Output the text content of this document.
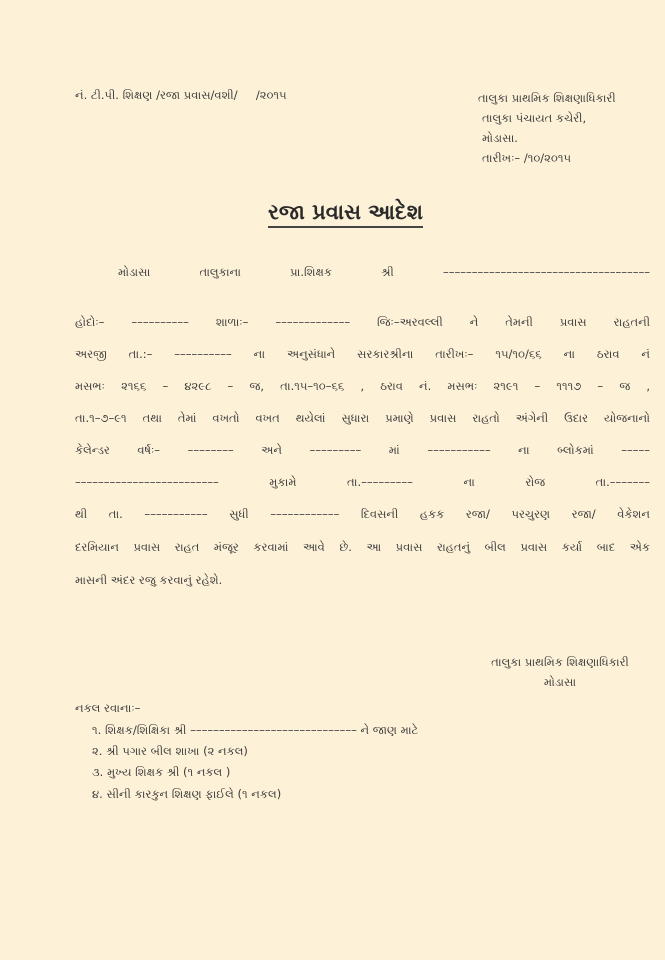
નં. ટી.પી. શિક્ષણ /રજા પ્રવાસ/વશી/     /૨૦૧૫	તાલુકા પ્રાથમિક શિક્ષણાધિકારી
તાલુકા પંચાયત કચેરી,
મોડાસા.
તારીખઃ– /૧૦/૨૦૧૫
રજા પ્રવાસ આદેશ
મોડાસા તાલુકાના પ્રા.શિક્ષક શ્રી ––––––––––––––––––––––––––––––––––––
હોદોઃ– –––––––––– શાળાઃ– ––––––––––––– જિઃ–અરવલ્લી ને તેમની પ્રવાસ રાહતની
અરજી તા.:– –––––––––– ના અનુસંધાને સરકારશ્રીના તારીખઃ– ૧૫/૧૦/૬૬ ના ઠરાવ નં
મસભઃ ૨૧૬૬ – ૪૨૯૮ – જ, તા.૧૫–૧૦–૬૬ , ઠરાવ નં. મસભઃ ૨૧૯૧ – ૧૧૧૭ – જ ,
તા.૧–૭–૯૧ તથા તેમાં વખતો વખત થયેલાં સુધારા પ્રમાણે પ્રવાસ રાહતો અંગેની ઉદાર યોજનાનો
કેલેન્ડર વર્ષઃ– –––––––– અને ––––––––– માં ––––––––––– ના બ્લોકમાં –––––
––––––––––––––––––––––––– મુકામે તા.––––––––– ના રોજ તા.–––––––
થી તા. ––––––––––– સુધી –––––––––––– દિવસની હકક રજા/ પરચુરણ રજા/ વેકેશન
દરમિયાન પ્રવાસ રાહત મંજૂર કરવામાં આવે છે. આ પ્રવાસ રાહતનું બીલ પ્રવાસ કર્યા બાદ એક
માસની અંદર રજુ કરવાનું રહેશે.
તાલુકા પ્રાથમિક શિક્ષણાધિકારી
મોડાસા
નકલ રવાનાઃ–
૧. શિક્ષક/શિક્ષિકા શ્રી ––––––––––––––––––––––––––––– ને જાણ માટે
૨. શ્રી પગાર બીલ શાખા (૨ નકલ)
૩. મુખ્ય શિક્ષક શ્રી (૧ નકલ )
૪. સીની કારકુન શિક્ષણ ફાઈલે (૧ નકલ)
